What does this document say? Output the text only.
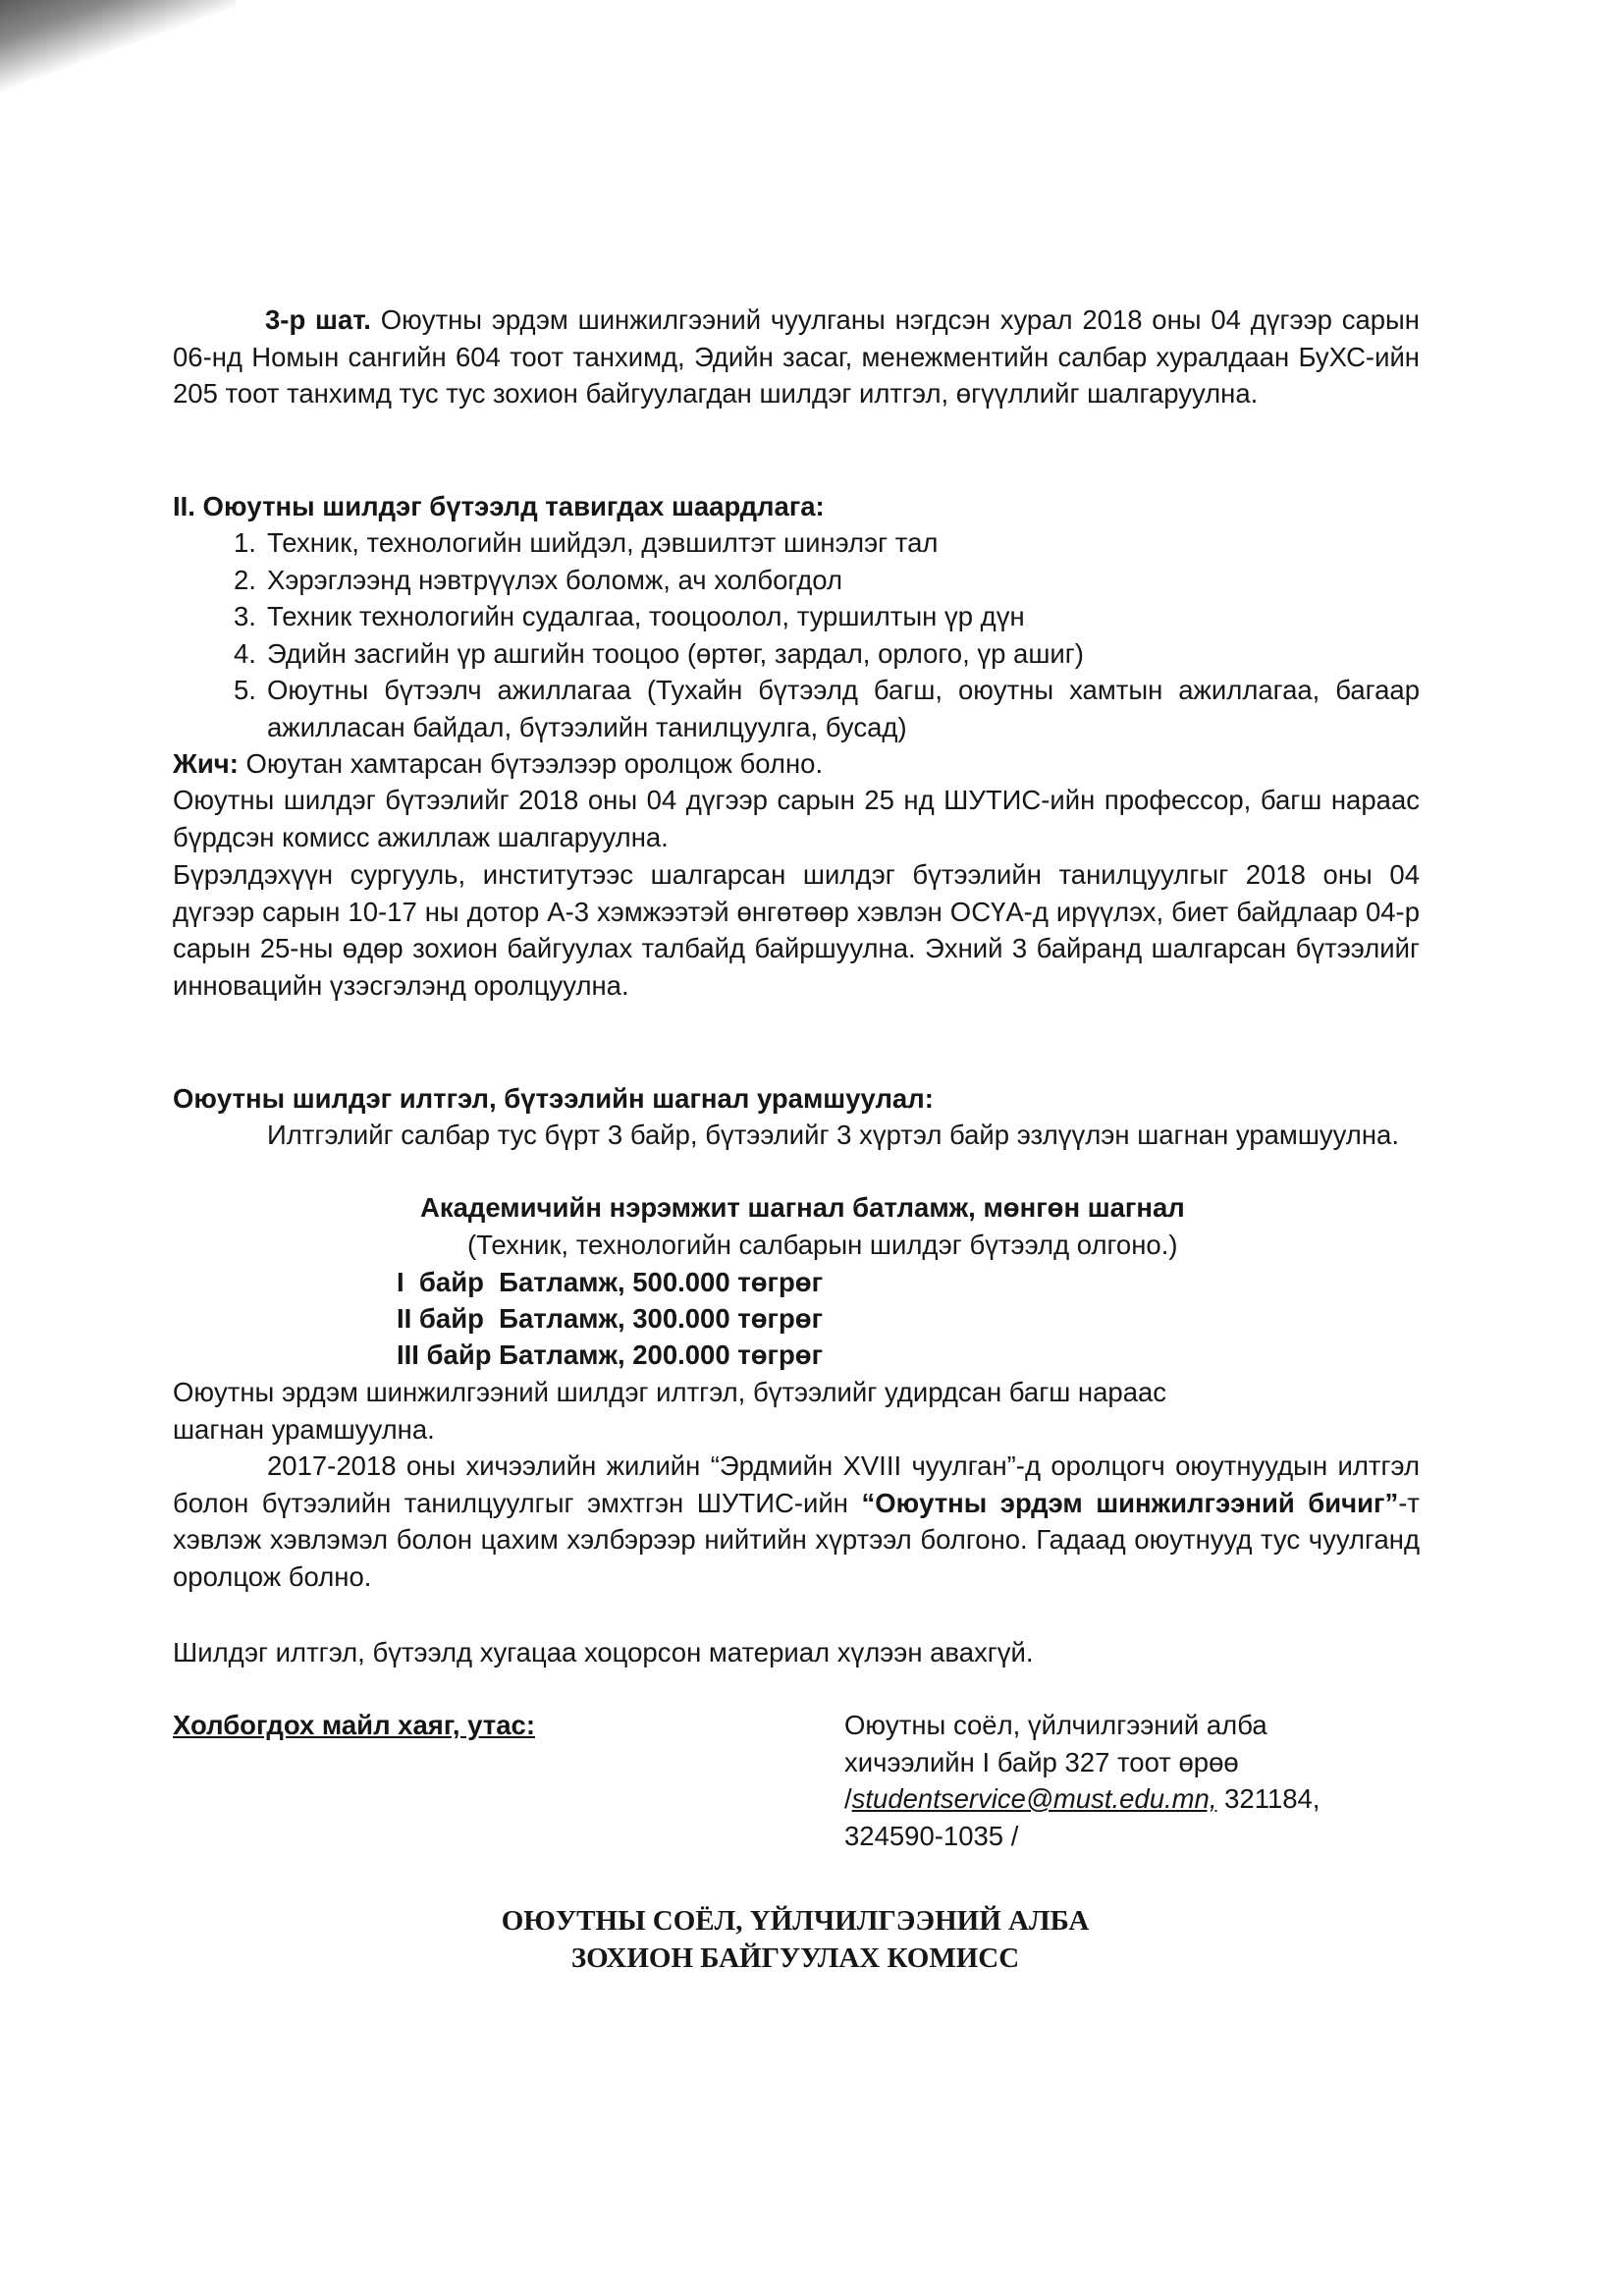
3-р шат. Оюутны эрдэм шинжилгээний чуулганы нэгдсэн хурал 2018 оны 04 дүгээр сарын 06-нд Номын сангийн 604 тоот танхимд, Эдийн засаг, менежментийн салбар хуралдаан БуХС-ийн 205 тоот танхимд тус тус зохион байгуулагдан шилдэг илтгэл, өгүүллийг шалгаруулна.
II. Оюутны шилдэг бүтээлд тавигдах шаардлага:
1. Техник, технологийн шийдэл, дэвшилтэт шинэлэг тал
2. Хэрэглээнд нэвтрүүлэх боломж, ач холбогдол
3. Техник технологийн судалгаа, тооцоолол, туршилтын үр дүн
4. Эдийн засгийн үр ашгийн тооцоо (өртөг, зардал, орлого, үр ашиг)
5. Оюутны бүтээлч ажиллагаа (Тухайн бүтээлд багш, оюутны хамтын ажиллагаа, багаар ажилласан байдал, бүтээлийн танилцуулга, бусад)
Жич: Оюутан хамтарсан бүтээлээр оролцож болно.
Оюутны шилдэг бүтээлийг 2018 оны 04 дүгээр сарын 25 нд ШУТИС-ийн профессор, багш нараас бүрдсэн комисс ажиллаж шалгаруулна.
Бүрэлдэхүүн сургууль, институтээс шалгарсан шилдэг бүтээлийн танилцуулгыг 2018 оны 04 дүгээр сарын 10-17 ны дотор А-3 хэмжээтэй өнгөтөөр хэвлэн ОСҮА-д ирүүлэх, биет байдлаар 04-р сарын 25-ны өдөр зохион байгуулах талбайд байршуулна. Эхний 3 байранд шалгарсан бүтээлийг инновацийн үзэсгэлэнд оролцуулна.
Оюутны шилдэг илтгэл, бүтээлийн шагнал урамшуулал:
Илтгэлийг салбар тус бүрт 3 байр, бүтээлийг 3 хүртэл байр эзлүүлэн шагнан урамшуулна.
Академичийн нэрэмжит шагнал батламж, мөнгөн шагнал
(Техник, технологийн салбарын шилдэг бүтээлд олгоно.)
I  байр  Батламж, 500.000 төгрөг
II байр  Батламж, 300.000 төгрөг
III байр Батламж, 200.000 төгрөг
Оюутны эрдэм шинжилгээний шилдэг илтгэл, бүтээлийг удирдсан багш нараас шагнан урамшуулна.
2017-2018 оны хичээлийн жилийн “Эрдмийн XVIII чуулган”-д оролцогч оюутнуудын илтгэл болон бүтээлийн танилцуулгыг эмхтгэн ШУТИС-ийн “Оюутны эрдэм шинжилгээний бичиг”-т хэвлэж хэвлэмэл болон цахим хэлбэрээр нийтийн хүртээл болгоно. Гадаад оюутнууд тус чуулганд оролцож болно.
Шилдэг илтгэл, бүтээлд хугацаа хоцорсон материал хүлээн авахгүй.
Холбогдох майл хаяг, утас:	Оюутны соёл, үйлчилгээний алба
хичээлийн I байр 327 тоот өрөө
/studentservice@must.edu.mn, 321184,
324590-1035 /
ОЮУТНЫ СОЁЛ, ҮЙЛЧИЛГЭЭНИЙ АЛБА
ЗОХИОН БАЙГУУЛАХ КОМИСС
